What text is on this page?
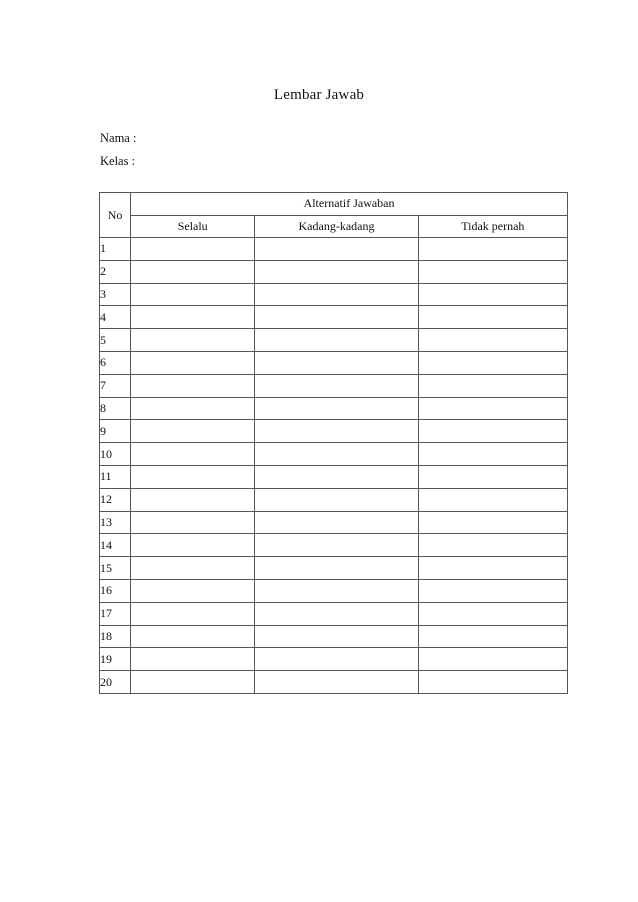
Lembar Jawab
Nama :
Kelas :
No	Alternatif Jawaban		
	Selalu	Kadang-kadang	Tidak pernah
1			
2			
3			
4			
5			
6			
7			
8			
9			
10			
11			
12			
13			
14			
15			
16			
17			
18			
19			
20			
